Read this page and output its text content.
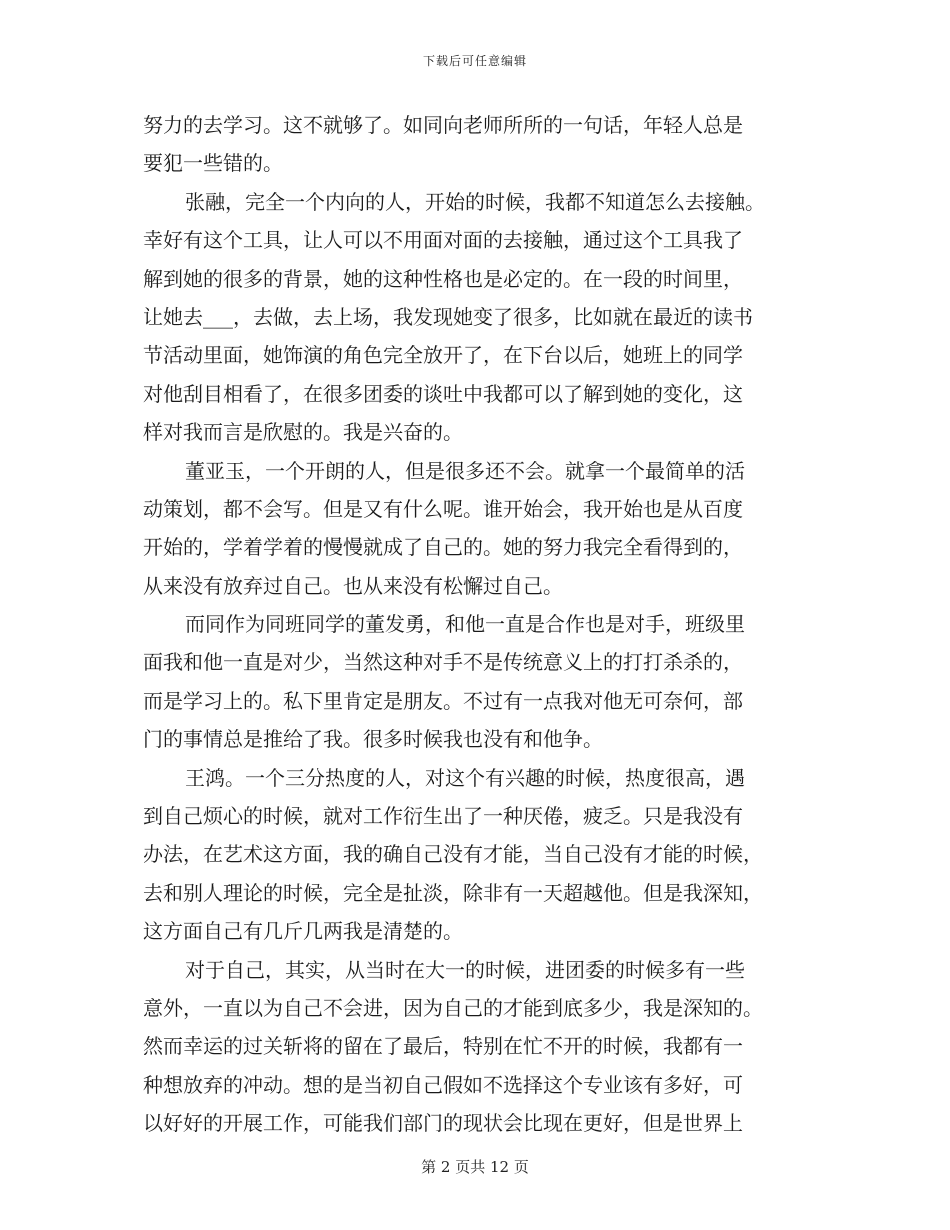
下载后可任意编辑
努力的去学习。这不就够了。如同向老师所所的一句话，年轻人总是
要犯一些错的。
张融，完全一个内向的人，开始的时候，我都不知道怎么去接触。
幸好有这个工具，让人可以不用面对面的去接触，通过这个工具我了
解到她的很多的背景，她的这种性格也是必定的。在一段的时间里，
让她去___，去做，去上场，我发现她变了很多，比如就在最近的读书
节活动里面，她饰演的角色完全放开了，在下台以后，她班上的同学
对他刮目相看了，在很多团委的谈吐中我都可以了解到她的变化，这
样对我而言是欣慰的。我是兴奋的。
董亚玉，一个开朗的人，但是很多还不会。就拿一个最简单的活
动策划，都不会写。但是又有什么呢。谁开始会，我开始也是从百度
开始的，学着学着的慢慢就成了自己的。她的努力我完全看得到的，
从来没有放弃过自己。也从来没有松懈过自己。
而同作为同班同学的董发勇，和他一直是合作也是对手，班级里
面我和他一直是对少，当然这种对手不是传统意义上的打打杀杀的，
而是学习上的。私下里肯定是朋友。不过有一点我对他无可奈何，部
门的事情总是推给了我。很多时候我也没有和他争。
王鸿。一个三分热度的人，对这个有兴趣的时候，热度很高，遇
到自己烦心的时候，就对工作衍生出了一种厌倦，疲乏。只是我没有
办法，在艺术这方面，我的确自己没有才能，当自己没有才能的时候，
去和别人理论的时候，完全是扯淡，除非有一天超越他。但是我深知，
这方面自己有几斤几两我是清楚的。
对于自己，其实，从当时在大一的时候，进团委的时候多有一些
意外，一直以为自己不会进，因为自己的才能到底多少，我是深知的。
然而幸运的过关斩将的留在了最后，特别在忙不开的时候，我都有一
种想放弃的冲动。想的是当初自己假如不选择这个专业该有多好，可
以好好的开展工作，可能我们部门的现状会比现在更好，但是世界上
第 2 页共 12 页
